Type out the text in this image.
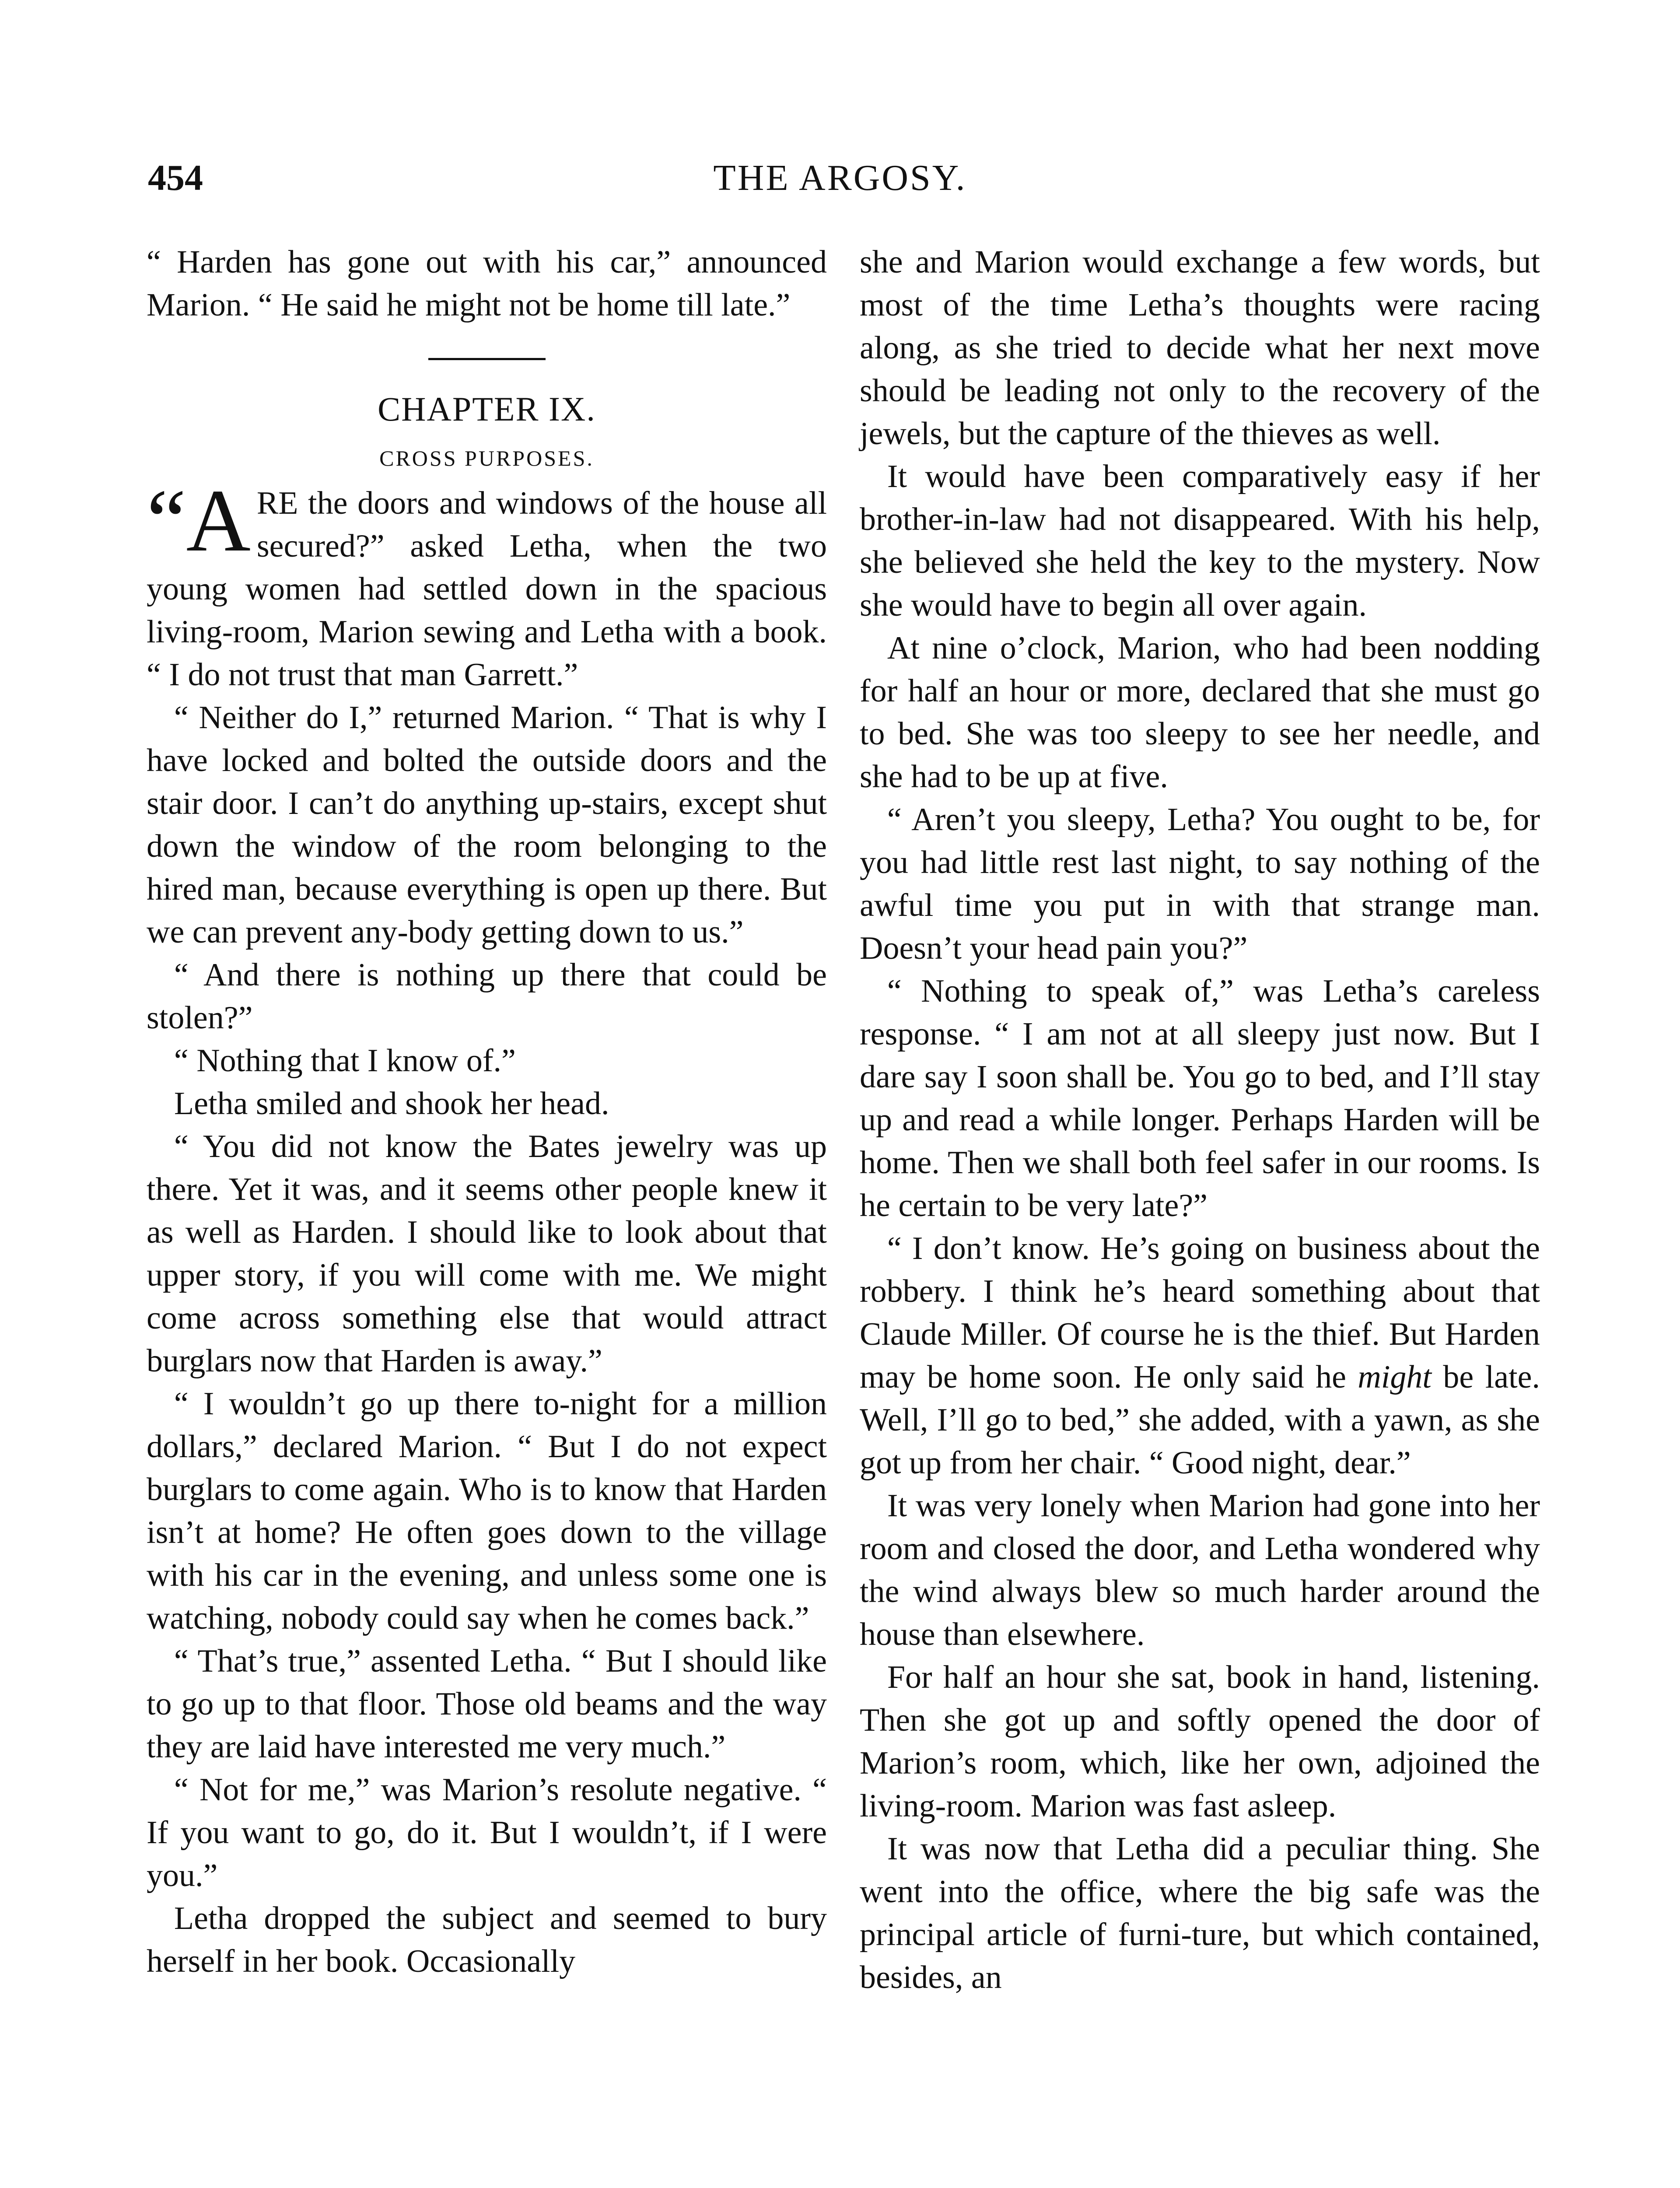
454	THE ARGOSY.

“ Harden has gone out with his car,” announced Marion. “ He said he might not be home till late.”

CHAPTER IX.
CROSS PURPOSES.

“A RE the doors and windows of the house all secured?” asked Letha, when the two young women had settled down in the spacious living-room, Marion sewing and Letha with a book. “ I do not trust that man Garrett.”

“ Neither do I,” returned Marion. “ That is why I have locked and bolted the outside doors and the stair door. I can’t do anything up-stairs, except shut down the window of the room belonging to the hired man, because everything is open up there. But we can prevent any-body getting down to us.”

“ And there is nothing up there that could be stolen?”

“ Nothing that I know of.”

Letha smiled and shook her head.

“ You did not know the Bates jewelry was up there. Yet it was, and it seems other people knew it as well as Harden. I should like to look about that upper story, if you will come with me. We might come across something else that would attract burglars now that Harden is away.”

“ I wouldn’t go up there to-night for a million dollars,” declared Marion. “ But I do not expect burglars to come again. Who is to know that Harden isn’t at home? He often goes down to the village with his car in the evening, and unless some one is watching, nobody could say when he comes back.”

“ That’s true,” assented Letha. “ But I should like to go up to that floor. Those old beams and the way they are laid have interested me very much.”

“ Not for me,” was Marion’s resolute negative. “ If you want to go, do it. But I wouldn’t, if I were you.”

Letha dropped the subject and seemed to bury herself in her book. Occasionally

she and Marion would exchange a few words, but most of the time Letha’s thoughts were racing along, as she tried to decide what her next move should be leading not only to the recovery of the jewels, but the capture of the thieves as well.

It would have been comparatively easy if her brother-in-law had not disappeared. With his help, she believed she held the key to the mystery. Now she would have to begin all over again.

At nine o’clock, Marion, who had been nodding for half an hour or more, declared that she must go to bed. She was too sleepy to see her needle, and she had to be up at five.

“ Aren’t you sleepy, Letha? You ought to be, for you had little rest last night, to say nothing of the awful time you put in with that strange man. Doesn’t your head pain you?”

“ Nothing to speak of,” was Letha’s careless response. “ I am not at all sleepy just now. But I dare say I soon shall be. You go to bed, and I’ll stay up and read a while longer. Perhaps Harden will be home. Then we shall both feel safer in our rooms. Is he certain to be very late?”

“ I don’t know. He’s going on business about the robbery. I think he’s heard something about that Claude Miller. Of course he is the thief. But Harden may be home soon. He only said he might be late. Well, I’ll go to bed,” she added, with a yawn, as she got up from her chair. “ Good night, dear.”

It was very lonely when Marion had gone into her room and closed the door, and Letha wondered why the wind always blew so much harder around the house than elsewhere.

For half an hour she sat, book in hand, listening. Then she got up and softly opened the door of Marion’s room, which, like her own, adjoined the living-room. Marion was fast asleep.

It was now that Letha did a peculiar thing. She went into the office, where the big safe was the principal article of furni-ture, but which contained, besides, an
